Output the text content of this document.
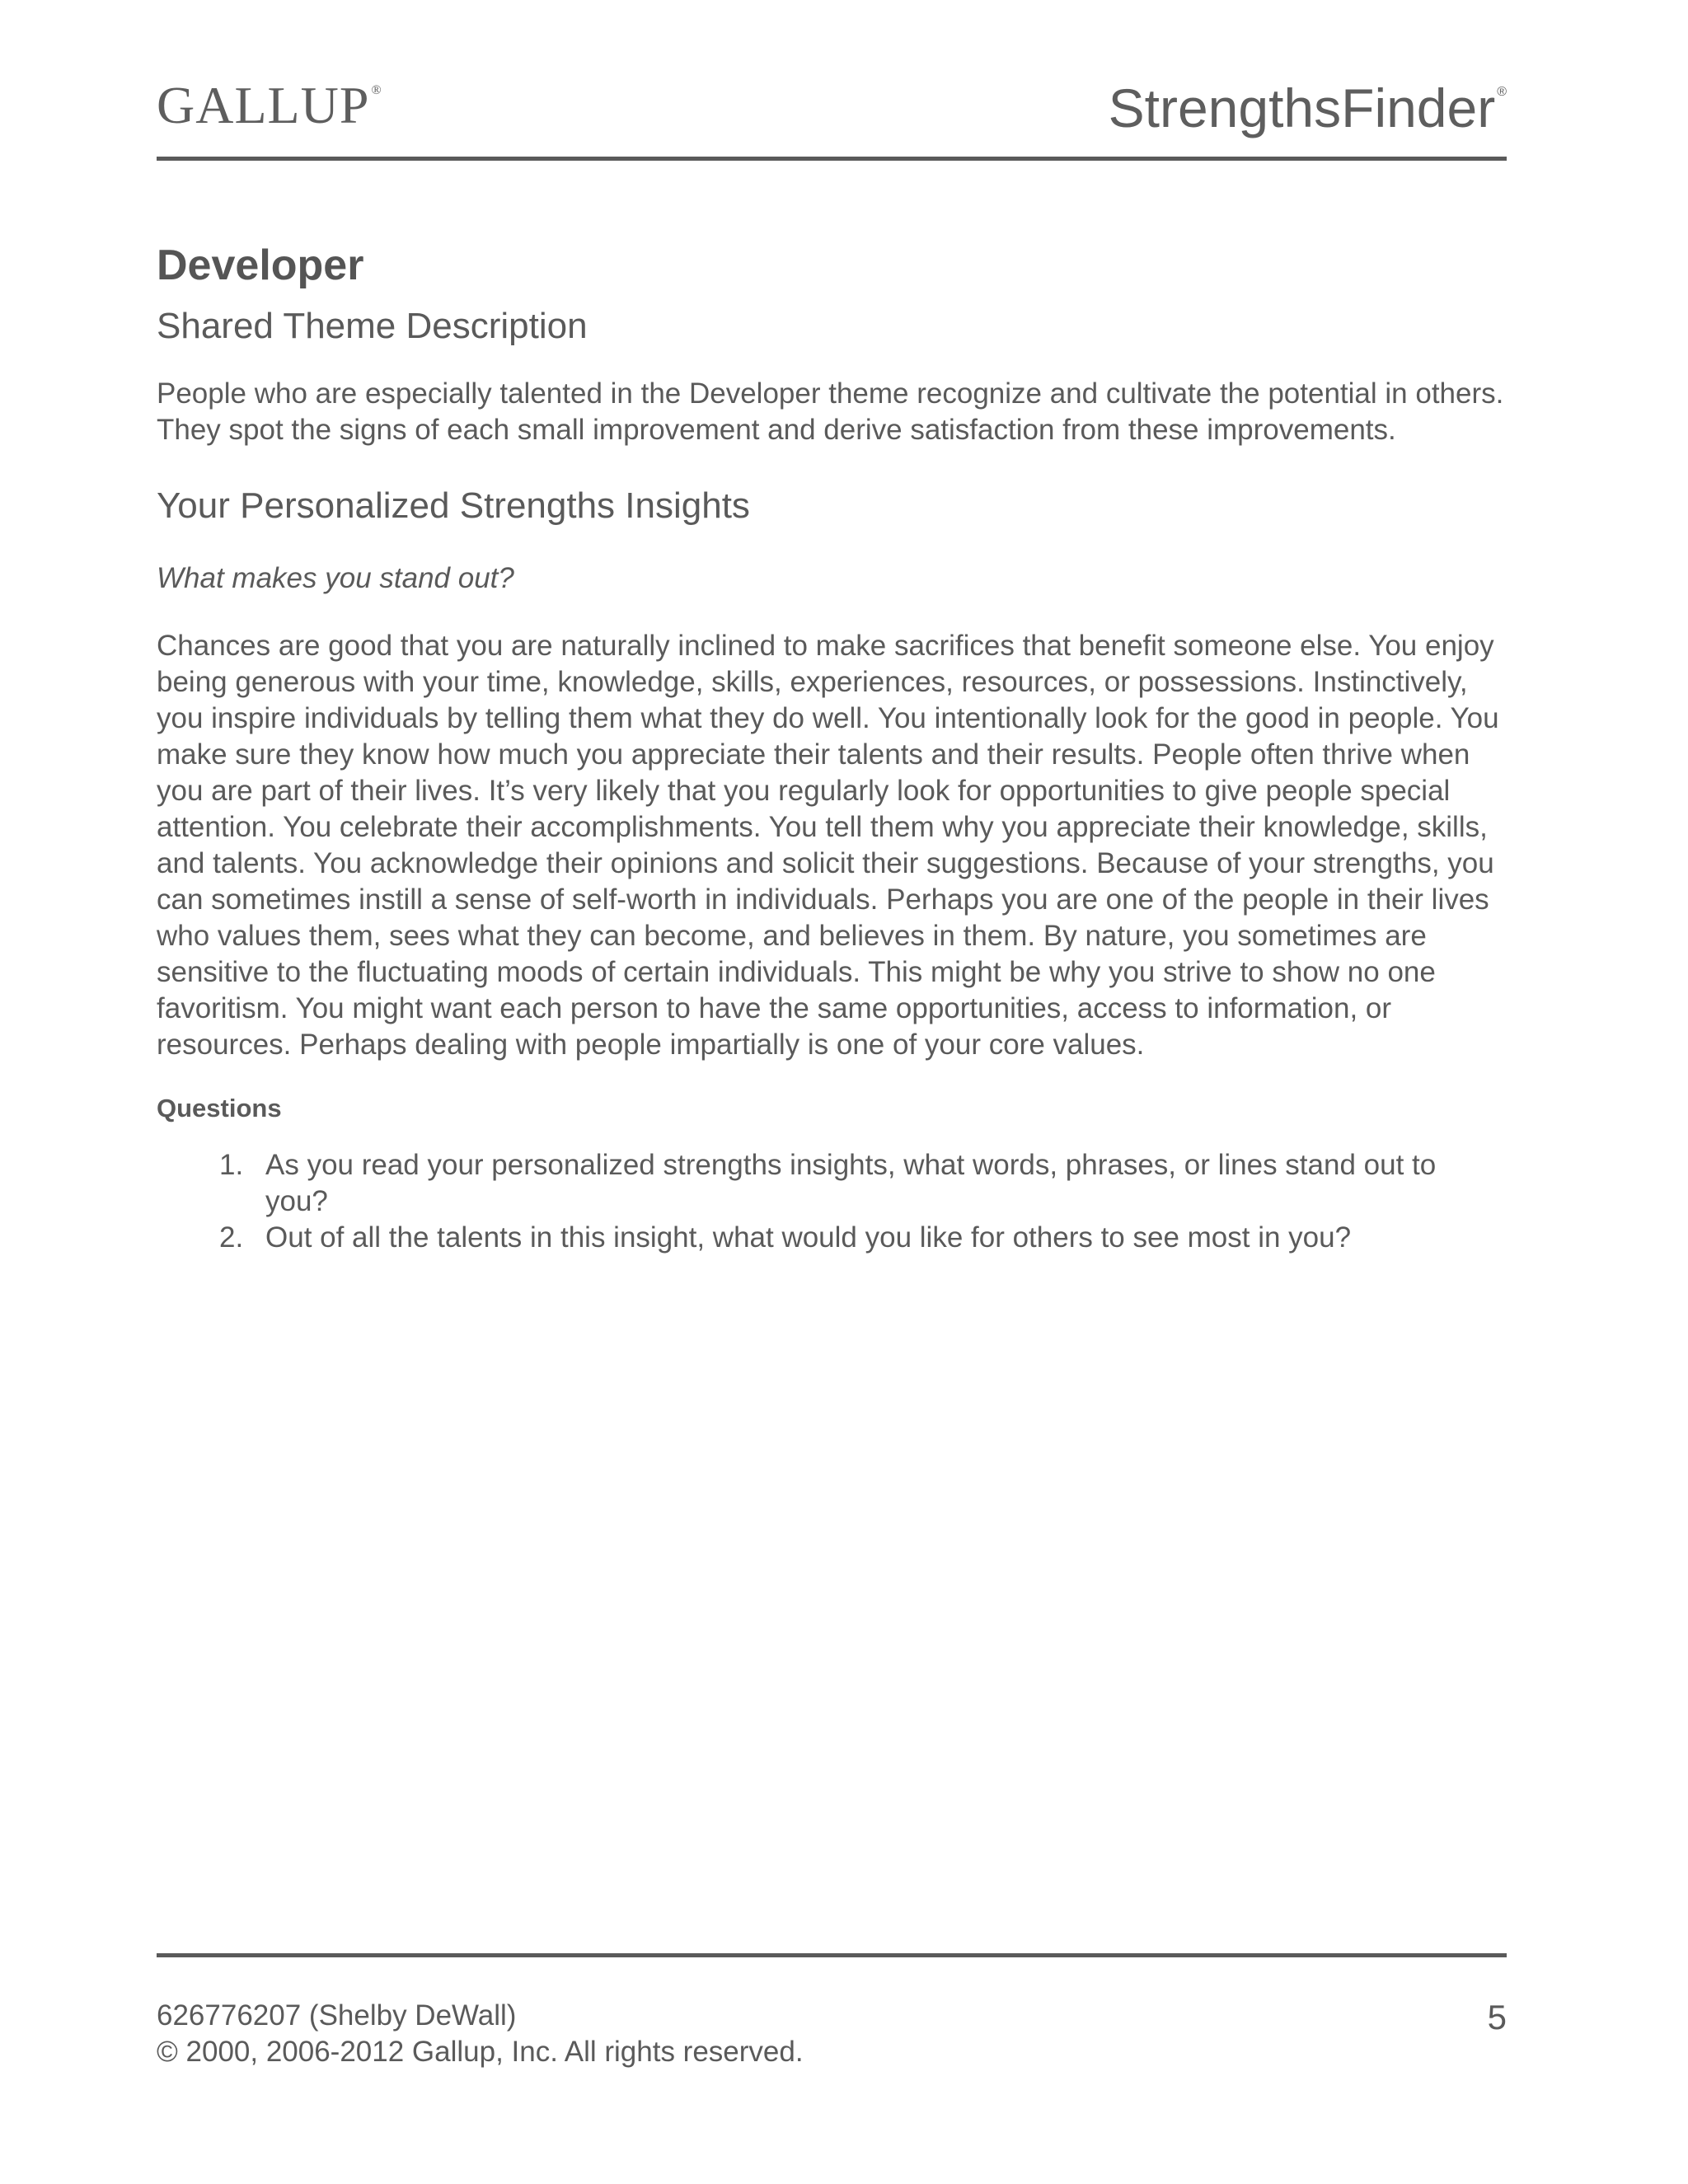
GALLUP ®	StrengthsFinder ®
Developer
Shared Theme Description

People who are especially talented in the Developer theme recognize and cultivate the potential in others. They spot the signs of each small improvement and derive satisfaction from these improvements.

Your Personalized Strengths Insights

What makes you stand out?

Chances are good that you are naturally inclined to make sacrifices that benefit someone else. You enjoy being generous with your time, knowledge, skills, experiences, resources, or possessions. Instinctively, you inspire individuals by telling them what they do well. You intentionally look for the good in people. You make sure they know how much you appreciate their talents and their results. People often thrive when you are part of their lives. It’s very likely that you regularly look for opportunities to give people special attention. You celebrate their accomplishments. You tell them why you appreciate their knowledge, skills, and talents. You acknowledge their opinions and solicit their suggestions. Because of your strengths, you can sometimes instill a sense of self-worth in individuals. Perhaps you are one of the people in their lives who values them, sees what they can become, and believes in them. By nature, you sometimes are sensitive to the fluctuating moods of certain individuals. This might be why you strive to show no one favoritism. You might want each person to have the same opportunities, access to information, or resources. Perhaps dealing with people impartially is one of your core values.

Questions
1. As you read your personalized strengths insights, what words, phrases, or lines stand out to you?
2. Out of all the talents in this insight, what would you like for others to see most in you?
626776207 (Shelby DeWall)
© 2000, 2006-2012 Gallup, Inc. All rights reserved.
5
